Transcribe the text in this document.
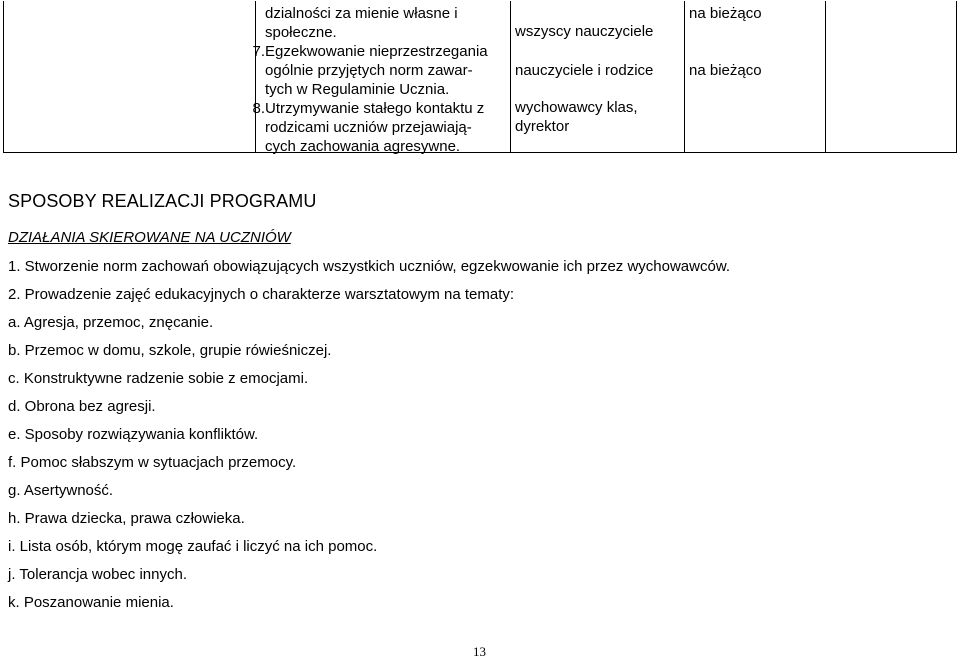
dzialności za mienie własne i
społeczne.
7.Egzekwowanie nieprzestrzegania
ogólnie przyjętych norm zawar-
tych w Regulaminie Ucznia.
8.Utrzymywanie stałego kontaktu z
rodzicami uczniów przejawiają-
cych zachowania agresywne.
wszyscy nauczyciele
nauczyciele i rodzice
wychowawcy klas,
dyrektor
na bieżąco
na bieżąco
SPOSOBY REALIZACJI PROGRAMU
DZIAŁANIA SKIEROWANE NA UCZNIÓW
1. Stworzenie norm zachowań obowiązujących wszystkich uczniów, egzekwowanie ich przez wychowawców.
2. Prowadzenie zajęć edukacyjnych o charakterze warsztatowym na tematy:
a. Agresja, przemoc, znęcanie.
b. Przemoc w domu, szkole, grupie rówieśniczej.
c. Konstruktywne radzenie sobie z emocjami.
d. Obrona bez agresji.
e. Sposoby rozwiązywania konfliktów.
f. Pomoc słabszym w sytuacjach przemocy.
g. Asertywność.
h. Prawa dziecka, prawa człowieka.
i. Lista osób, którym mogę zaufać i liczyć na ich pomoc.
j. Tolerancja wobec innych.
k. Poszanowanie mienia.
13
